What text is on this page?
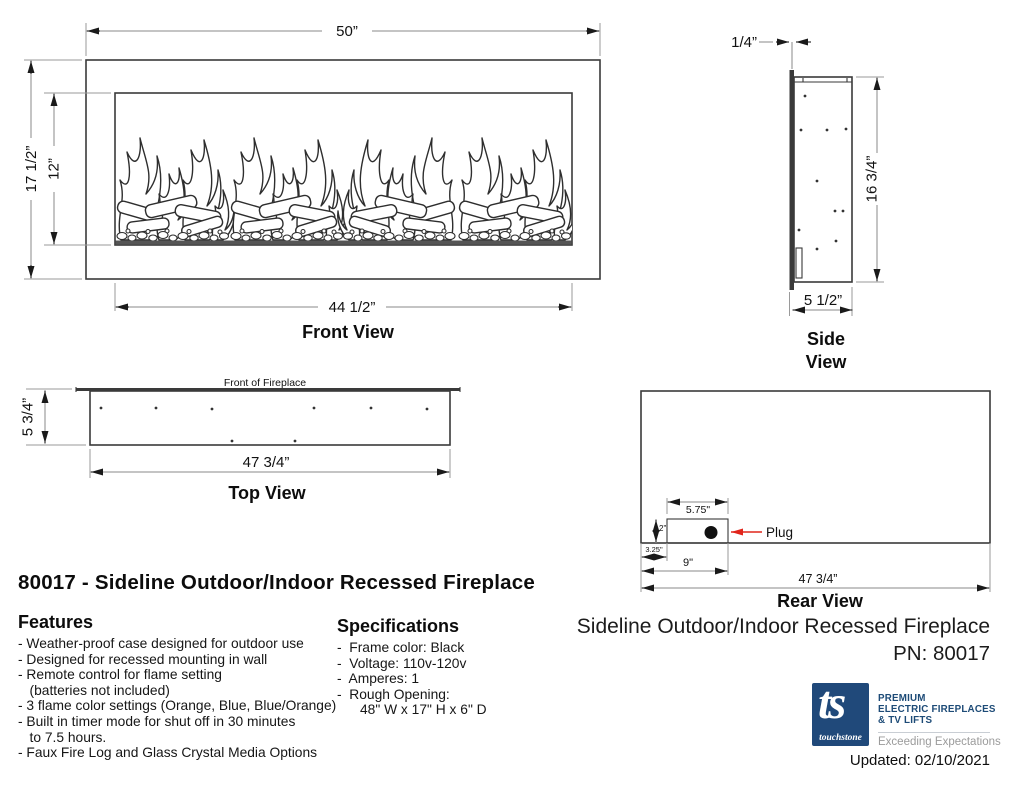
50”
17 1/2” 12”
44 1/2”
Front View
1/4”
16 3/4”
5 1/2”
Side
View
Front of Fireplace
5 3/4”
47 3/4”
Top View
Plug
5.75"
2"
3.25"
9"
47 3/4”
Rear View
80017 - Sideline Outdoor/Indoor Recessed Fireplace
Features
- Weather-proof case designed for outdoor use
- Designed for recessed mounting in wall
- Remote control for flame setting
(batteries not included)
- 3 flame color settings (Orange, Blue, Blue/Orange)
- Built in timer mode for shut off in 30 minutes
to 7.5 hours.
- Faux Fire Log and Glass Crystal Media Options
Specifications
-  Frame color: Black
-  Voltage: 110v-120v
-  Amperes: 1
-  Rough Opening:
48" W x 17" H x 6" D
Sideline Outdoor/Indoor Recessed Fireplace
PN: 80017
ts
touchstone
PREMIUM
ELECTRIC FIREPLACES
& TV LIFTS
Exceeding Expectations
Updated: 02/10/2021
